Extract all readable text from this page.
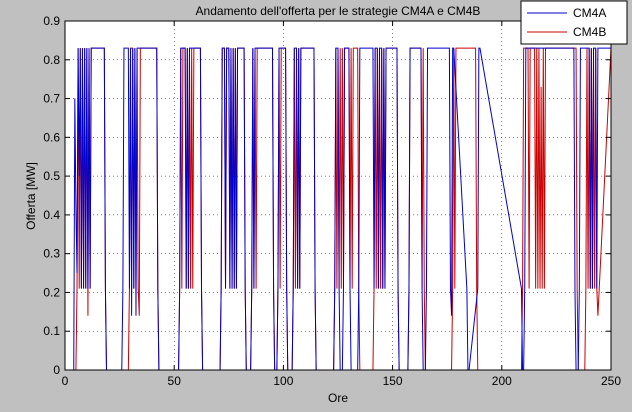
0	50	100	150	200	250
0
0.1
0.2
0.3
0.4
0.5
0.6
0.7
0.8
0.9
Andamento dell'offerta per le strategie CM4A e CM4B
Ore
Offerta [MW]
CM4A
CM4B
